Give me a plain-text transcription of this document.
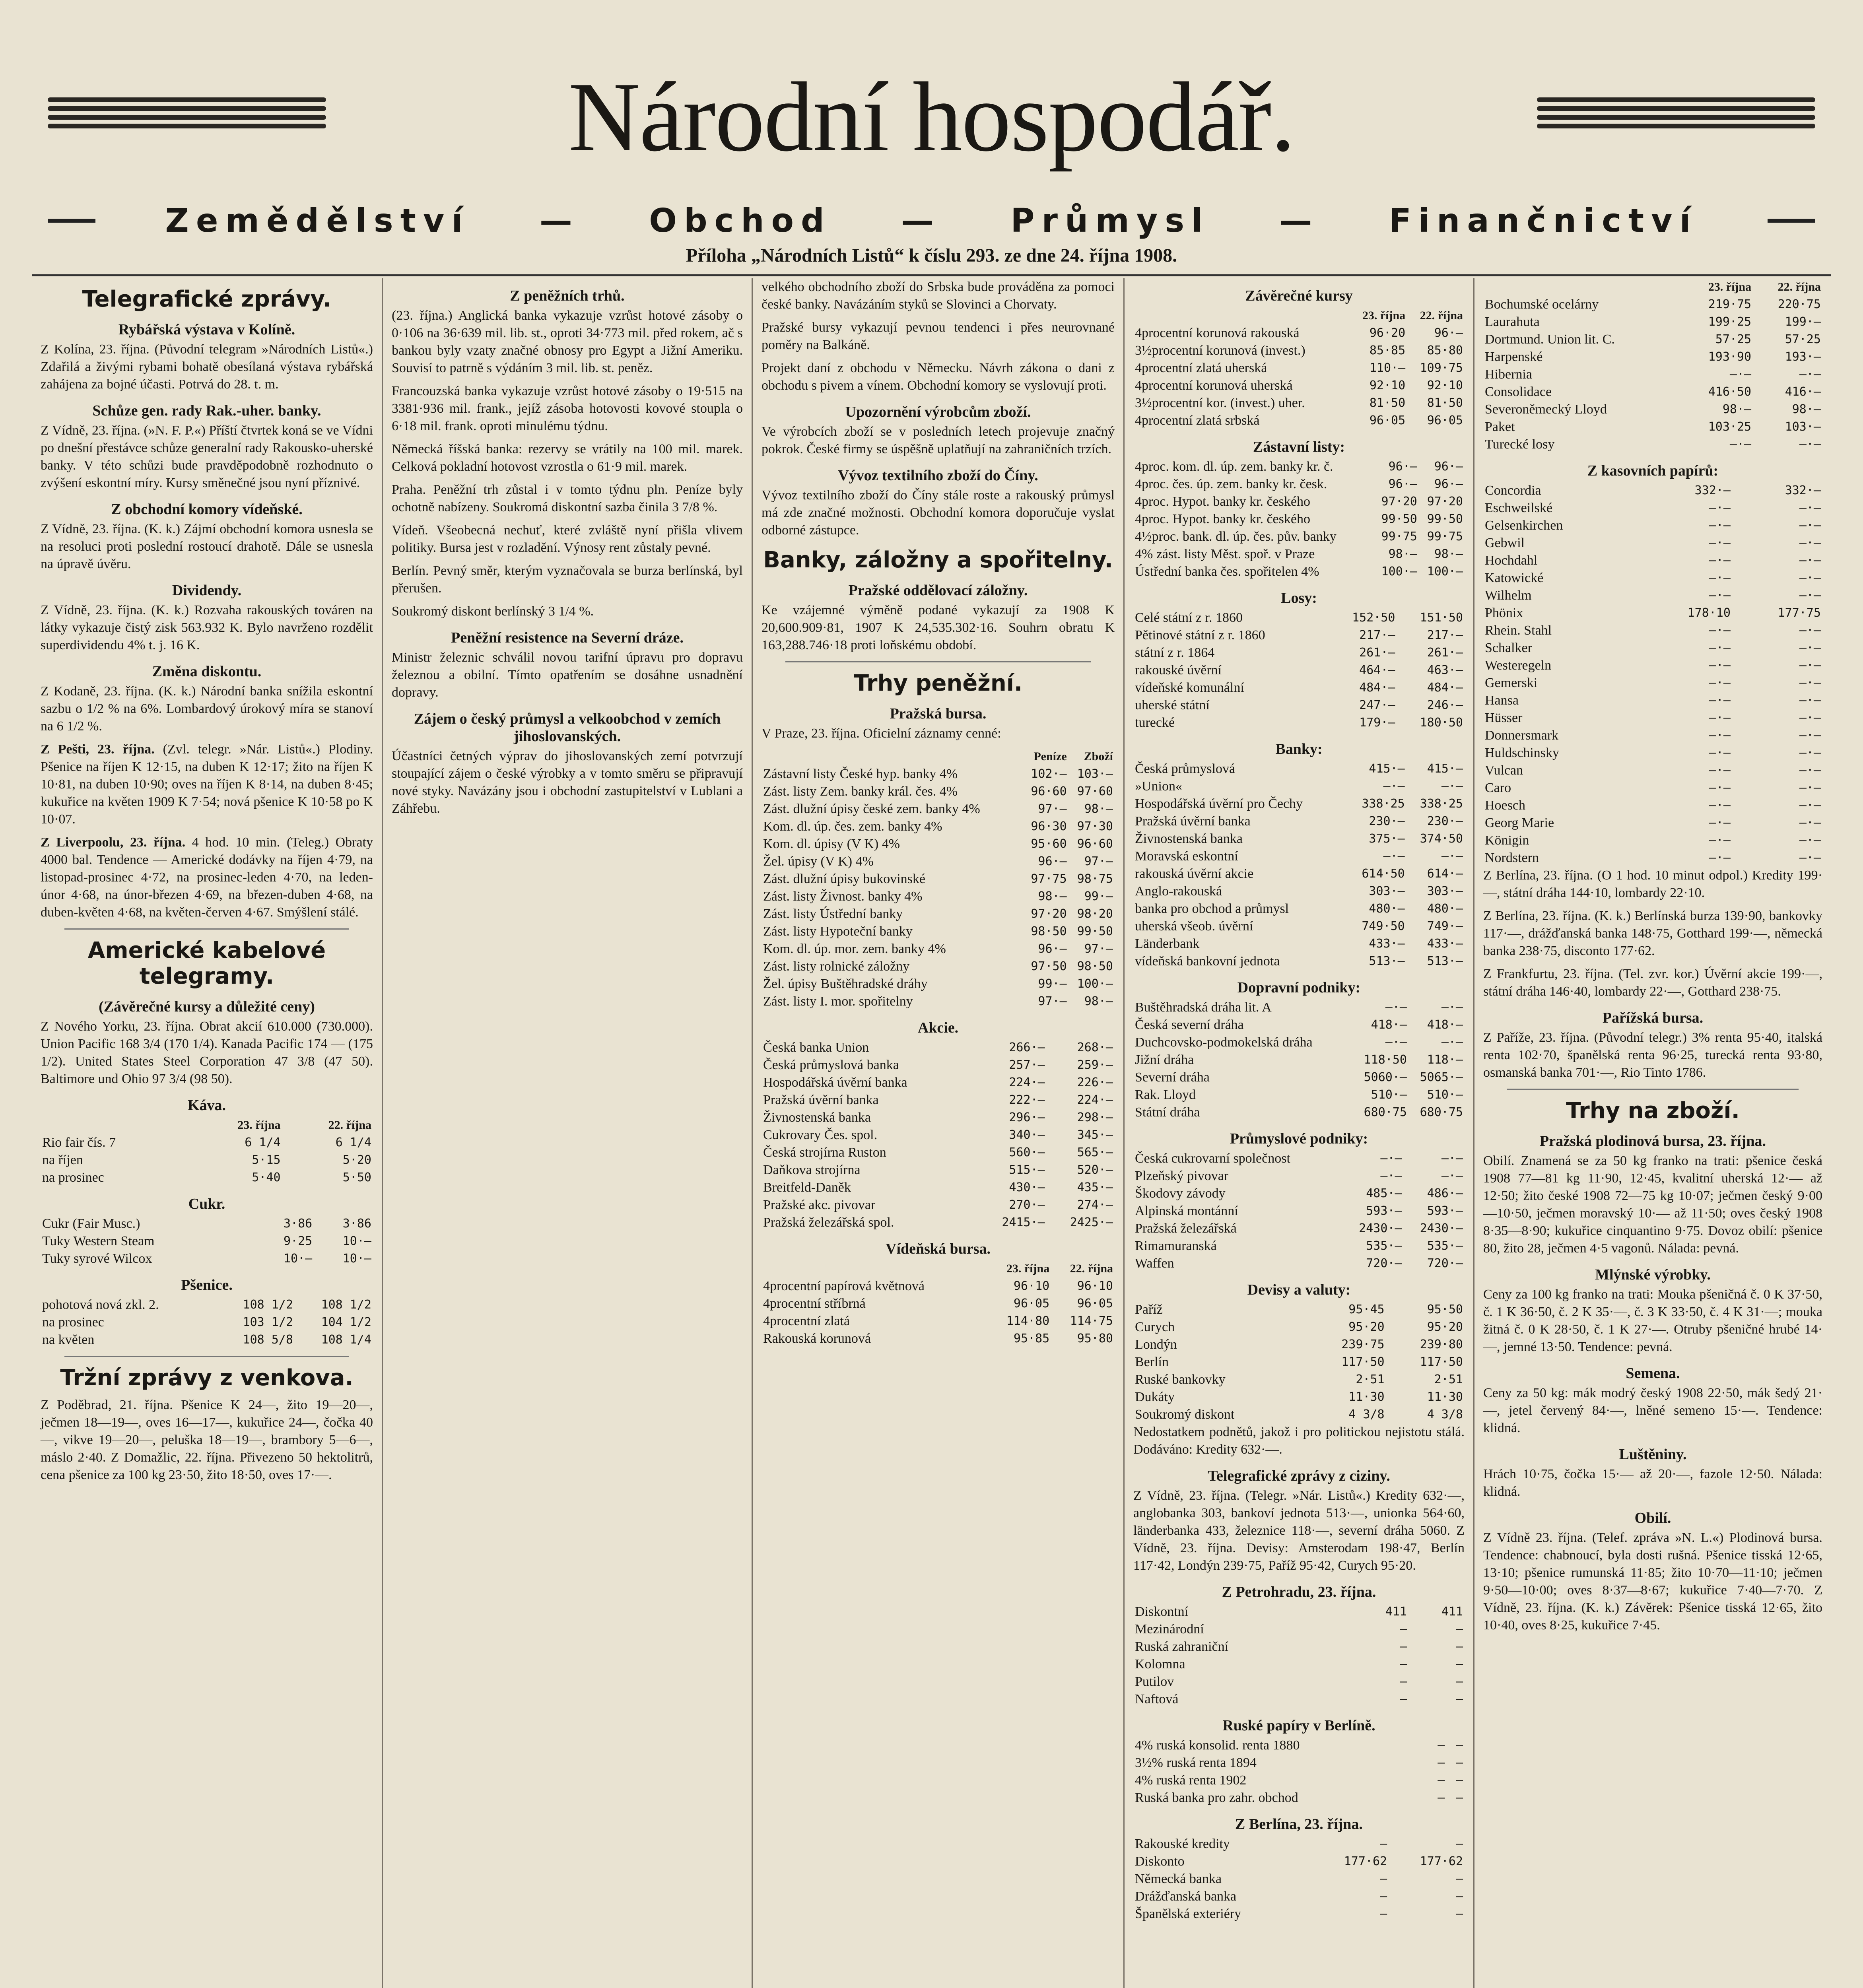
Národní hospodář.
Zemědělství — Obchod — Průmysl — Finančnictví
Příloha „Národních Listů“ k číslu 293. ze dne 24. října 1908.
Telegrafické zprávy.
Rybářská výstava v Kolíně.

Z Kolína, 23. října. (Původní telegram »Národních Listů«.) Zdařilá a živými rybami bohatě obesílaná výstava rybářská zahájena za bojné účasti. Potrvá do 28. t. m.

Schůze gen. rady Rak.-uher. banky.

Z Vídně, 23. října. (»N. F. P.«) Příští čtvrtek koná se ve Vídni po dnešní přestávce schůze generalní rady Rakousko-uherské banky. V této schůzi bude pravděpodobně rozhodnuto o zvýšení eskontní míry. Kursy směnečné jsou nyní příznivé.

Z obchodní komory vídeňské.

Z Vídně, 23. října. (K. k.) Zájmí obchodní komora usnesla se na resoluci proti poslední rostoucí drahotě. Dále se usnesla na úpravě úvěru.

Dividendy.

Z Vídně, 23. října. (K. k.) Rozvaha rakouských továren na látky vykazuje čistý zisk 563.932 K. Bylo navrženo rozdělit superdividendu 4% t. j. 16 K.

Změna diskontu.

Z Kodaně, 23. října. (K. k.) Národní banka snížila eskontní sazbu o 1/2 % na 6%. Lombardový úrokový míra se stanoví na 6 1/2 %.

Z Pešti, 23. října. (Zvl. telegr. »Nár. Listů«.) Plodiny. Pšenice na říjen K 12·15, na duben K 12·17; žito na říjen K 10·81, na duben 10·90; oves na říjen K 8·14, na duben 8·45; kukuřice na květen 1909 K 7·54; nová pšenice K 10·58 po K 10·07.

Z Liverpoolu, 23. října. 4 hod. 10 min. (Teleg.) Obraty 4000 bal. Tendence — Americké dodávky na říjen 4·79, na listopad-prosinec 4·72, na prosinec-leden 4·70, na leden-únor 4·68, na únor-březen 4·69, na březen-duben 4·68, na duben-květen 4·68, na květen-červen 4·67. Smýšlení stálé.

Americké kabelové telegramy.
(Závěrečné kursy a důležité ceny)

Z Nového Yorku, 23. října. Obrat akcií 610.000 (730.000). Union Pacific 168 3/4 (170 1/4). Kanada Pacific 174 — (175 1/2). United States Steel Corporation 47 3/8 (47 50). Baltimore und Ohio 97 3/4 (98 50).

Káva.
	23. října	22. října
Rio fair čís. 7	6 1/4	6 1/4
na říjen	5·15	5·20
na prosinec	5·40	5·50
Cukr.
Cukr (Fair Musc.)	3·86	3·86
Tuky Western Steam	9·25	10·—
Tuky syrové Wilcox	10·—	10·—
Pšenice.
pohotová nová zkl. 2.	108 1/2	108 1/2
na prosinec	103 1/2	104 1/2
na květen	108 5/8	108 1/4
Tržní zprávy z venkova.

Z Poděbrad, 21. října. Pšenice K 24—, žito 19—20—, ječmen 18—19—, oves 16—17—, kukuřice 24—, čočka 40—, vikve 19—20—, peluška 18—19—, brambory 5—6—, máslo 2·40. Z Domažlic, 22. října. Přivezeno 50 hektolitrů, cena pšenice za 100 kg 23·50, žito 18·50, oves 17·—.

Z peněžních trhů.

(23. října.) Anglická banka vykazuje vzrůst hotové zásoby o 0·106 na 36·639 mil. lib. st., oproti 34·773 mil. před rokem, ač s bankou byly vzaty značné obnosy pro Egypt a Jižní Ameriku. Souvisí to patrně s výdáním 3 mil. lib. st. peněz.

Francouzská banka vykazuje vzrůst hotové zásoby o 19·515 na 3381·936 mil. frank., jejíž zásoba hotovosti kovové stoupla o 6·18 mil. frank. oproti minulému týdnu.

Německá říšská banka: rezervy se vrátily na 100 mil. marek. Celková pokladní hotovost vzrostla o 61·9 mil. marek.

Praha. Peněžní trh zůstal i v tomto týdnu pln. Peníze byly ochotně nabízeny. Soukromá diskontní sazba činila 3 7/8 %.

Vídeň. Všeobecná nechuť, které zvláště nyní přišla vlivem politiky. Bursa jest v rozladění. Výnosy rent zůstaly pevné.

Berlín. Pevný směr, kterým vyznačovala se burza berlínská, byl přerušen.

Soukromý diskont berlínský 3 1/4 %.

Peněžní resistence na Severní dráze.

Ministr železnic schválil novou tarifní úpravu pro dopravu železnou a obilní. Tímto opatřením se dosáhne usnadnění dopravy.

Zájem o český průmysl a velkoobchod v zemích jihoslovanských.

Účastníci četných výprav do jihoslovanských zemí potvrzují stoupající zájem o české výrobky a v tomto směru se připravují nové styky. Navázány jsou i obchodní zastupitelství v Lublani a Záhřebu.

velkého obchodního zboží do Srbska bude prováděna za pomoci české banky. Navázáním styků se Slovinci a Chorvaty.

Pražské bursy vykazují pevnou tendenci i přes neurovnané poměry na Balkáně.

Projekt daní z obchodu v Německu. Návrh zákona o dani z obchodu s pivem a vínem. Obchodní komory se vyslovují proti.

Upozornění výrobcům zboží.

Ve výrobcích zboží se v posledních letech projevuje značný pokrok. České firmy se úspěšně uplatňují na zahraničních trzích.

Vývoz textilního zboží do Číny.

Vývoz textilního zboží do Číny stále roste a rakouský průmysl má zde značné možnosti. Obchodní komora doporučuje vyslat odborné zástupce.

Banky, záložny a spořitelny.
Pražské oddělovací záložny.

Ke vzájemné výměně podané vykazují za 1908 K 20,600.909·81, 1907 K 24,535.302·16. Souhrn obratu K 163,288.746·18 proti loňskému období.

Trhy peněžní.
Pražská bursa.

V Praze, 23. října. Oficielní záznamy cenné:

	Peníze	Zboží
Zástavní listy České hyp. banky 4%	102·—	103·—
Zást. listy Zem. banky král. čes. 4%	96·60	97·60
Zást. dlužní úpisy české zem. banky 4%	97·—	98·—
Kom. dl. úp. čes. zem. banky 4%	96·30	97·30
Kom. dl. úpisy (V K) 4%	95·60	96·60
Žel. úpisy (V K) 4%	96·—	97·—
Zást. dlužní úpisy bukovinské	97·75	98·75
Zást. listy Živnost. banky 4%	98·—	99·—
Zást. listy Ústřední banky	97·20	98·20
Zást. listy Hypoteční banky	98·50	99·50
Kom. dl. úp. mor. zem. banky 4%	96·—	97·—
Zást. listy rolnické záložny	97·50	98·50
Žel. úpisy Buštěhradské dráhy	99·—	100·—
Zást. listy I. mor. spořitelny	97·—	98·—
Akcie.
Česká banka Union	266·—	268·—
Česká průmyslová banka	257·—	259·—
Hospodářská úvěrní banka	224·—	226·—
Pražská úvěrní banka	222·—	224·—
Živnostenská banka	296·—	298·—
Cukrovary Čes. spol.	340·—	345·—
Česká strojírna Ruston	560·—	565·—
Daňkova strojírna	515·—	520·—
Breitfeld-Daněk	430·—	435·—
Pražské akc. pivovar	270·—	274·—
Pražská železářská spol.	2415·—	2425·—
Vídeňská bursa.
	23. října	22. října
4procentní papírová květnová	96·10	96·10
4procentní stříbrná	96·05	96·05
4procentní zlatá	114·80	114·75
Rakouská korunová	95·85	95·80
Závěrečné kursy
	23. října	22. října
4procentní korunová rakouská	96·20	96·—
3½procentní korunová (invest.)	85·85	85·80
4procentní zlatá uherská	110·—	109·75
4procentní korunová uherská	92·10	92·10
3½procentní kor. (invest.) uher.	81·50	81·50
4procentní zlatá srbská	96·05	96·05
Zástavní listy:
4proc. kom. dl. úp. zem. banky kr. č.	96·—	96·—
4proc. čes. úp. zem. banky kr. česk.	96·—	96·—
4proc. Hypot. banky kr. českého	97·20	97·20
4proc. Hypot. banky kr. českého	99·50	99·50
4½proc. bank. dl. úp. čes. pův. banky	99·75	99·75
4% zást. listy Měst. spoř. v Praze	98·—	98·—
Ústřední banka čes. spořitelen 4%	100·—	100·—
Losy:
Celé státní z r. 1860	152·50	151·50
Pětinové státní z r. 1860	217·—	217·—
státní z r. 1864	261·—	261·—
rakouské úvěrní	464·—	463·—
vídeňské komunální	484·—	484·—
uherské státní	247·—	246·—
turecké	179·—	180·50
Banky:
Česká průmyslová	415·—	415·—
»Union«	—·—	—·—
Hospodářská úvěrní pro Čechy	338·25	338·25
Pražská úvěrní banka	230·—	230·—
Živnostenská banka	375·—	374·50
Moravská eskontní	—·—	—·—
rakouská úvěrní akcie	614·50	614·—
Anglo-rakouská	303·—	303·—
banka pro obchod a průmysl	480·—	480·—
uherská všeob. úvěrní	749·50	749·—
Länderbank	433·—	433·—
vídeňská bankovní jednota	513·—	513·—
Dopravní podniky:
Buštěhradská dráha lit. A	—·—	—·—
Česká severní dráha	418·—	418·—
Duchcovsko-podmokelská dráha	—·—	—·—
Jižní dráha	118·50	118·—
Severní dráha	5060·—	5065·—
Rak. Lloyd	510·—	510·—
Státní dráha	680·75	680·75
Průmyslové podniky:
Česká cukrovarní společnost	—·—	—·—
Plzeňský pivovar	—·—	—·—
Škodovy závody	485·—	486·—
Alpinská montánní	593·—	593·—
Pražská železářská	2430·—	2430·—
Rimamuranská	535·—	535·—
Waffen	720·—	720·—
Devisy a valuty:
Paříž	95·45	95·50
Curych	95·20	95·20
Londýn	239·75	239·80
Berlín	117·50	117·50
Ruské bankovky	2·51	2·51
Dukáty	11·30	11·30
Soukromý diskont	4 3/8	4 3/8

Nedostatkem podnětů, jakož i pro politickou nejistotu stálá. Dodáváno: Kredity 632·—.

Telegrafické zprávy z ciziny.

Z Vídně, 23. října. (Telegr. »Nár. Listů«.) Kredity 632·—, anglobanka 303, bankoví jednota 513·—, unionka 564·60, länderbanka 433, železnice 118·—, severní dráha 5060. Z Vídně, 23. října. Devisy: Amsterodam 198·47, Berlín 117·42, Londýn 239·75, Paříž 95·42, Curych 95·20.

Z Petrohradu, 23. října.
Diskontní	411	411
Mezinárodní	—	—
Ruská zahraniční	—	—
Kolomna	—	—
Putilov	—	—
Naftová	—	—
Ruské papíry v Berlíně.
4% ruská konsolid. renta 1880	—	—
3½% ruská renta 1894	—	—
4% ruská renta 1902	—	—
Ruská banka pro zahr. obchod	—	—
Z Berlína, 23. října.
Rakouské kredity	—	—
Diskonto	177·62	177·62
Německá banka	—	—
Drážďanská banka	—	—
Španělská exteriéry	—	—
	23. října	22. října
Bochumské ocelárny	219·75	220·75
Laurahuta	199·25	199·—
Dortmund. Union lit. C.	57·25	57·25
Harpenské	193·90	193·—
Hibernia	—·—	—·—
Consolidace	416·50	416·—
Severoněmecký Lloyd	98·—	98·—
Paket	103·25	103·—
Turecké losy	—·—	—·—
Z kasovních papírů:
Concordia	332·—	332·—
Eschweilské	—·—	—·—
Gelsenkirchen	—·—	—·—
Gebwil	—·—	—·—
Hochdahl	—·—	—·—
Katowické	—·—	—·—
Wilhelm	—·—	—·—
Phönix	178·10	177·75
Rhein. Stahl	—·—	—·—
Schalker	—·—	—·—
Westeregeln	—·—	—·—
Gemerski	—·—	—·—
Hansa	—·—	—·—
Hüsser	—·—	—·—
Donnersmark	—·—	—·—
Huldschinsky	—·—	—·—
Vulcan	—·—	—·—
Caro	—·—	—·—
Hoesch	—·—	—·—
Georg Marie	—·—	—·—
Königin	—·—	—·—
Nordstern	—·—	—·—

Z Berlína, 23. října. (O 1 hod. 10 minut odpol.) Kredity 199·—, státní dráha 144·10, lombardy 22·10.

Z Berlína, 23. října. (K. k.) Berlínská burza 139·90, bankovky 117·—, drážďanská banka 148·75, Gotthard 199·—, německá banka 238·75, disconto 177·62.

Z Frankfurtu, 23. října. (Tel. zvr. kor.) Úvěrní akcie 199·—, státní dráha 146·40, lombardy 22·—, Gotthard 238·75.

Pařížská bursa.

Z Paříže, 23. října. (Původní telegr.) 3% renta 95·40, italská renta 102·70, španělská renta 96·25, turecká renta 93·80, osmanská banka 701·—, Rio Tinto 1786.

Trhy na zboží.
Pražská plodinová bursa, 23. října.

Obilí. Znamená se za 50 kg franko na trati: pšenice česká 1908 77—81 kg 11·90, 12·45, kvalitní uherská 12·— až 12·50; žito české 1908 72—75 kg 10·07; ječmen český 9·00—10·50, ječmen moravský 10·— až 11·50; oves český 1908 8·35—8·90; kukuřice cinquantino 9·75. Dovoz obilí: pšenice 80, žito 28, ječmen 4·5 vagonů. Nálada: pevná.

Mlýnské výrobky.

Ceny za 100 kg franko na trati: Mouka pšeničná č. 0 K 37·50, č. 1 K 36·50, č. 2 K 35·—, č. 3 K 33·50, č. 4 K 31·—; mouka žitná č. 0 K 28·50, č. 1 K 27·—. Otruby pšeničné hrubé 14·—, jemné 13·50. Tendence: pevná.

Semena.

Ceny za 50 kg: mák modrý český 1908 22·50, mák šedý 21·—, jetel červený 84·—, lněné semeno 15·—. Tendence: klidná.

Luštěniny.

Hrách 10·75, čočka 15·— až 20·—, fazole 12·50. Nálada: klidná.

Obilí.

Z Vídně 23. října. (Telef. zpráva »N. L.«) Plodinová bursa. Tendence: chabnoucí, byla dosti rušná. Pšenice tisská 12·65, 13·10; pšenice rumunská 11·85; žito 10·70—11·10; ječmen 9·50—10·00; oves 8·37—8·67; kukuřice 7·40—7·70. Z Vídně, 23. října. (K. k.) Závěrek: Pšenice tisská 12·65, žito 10·40, oves 8·25, kukuřice 7·45.
